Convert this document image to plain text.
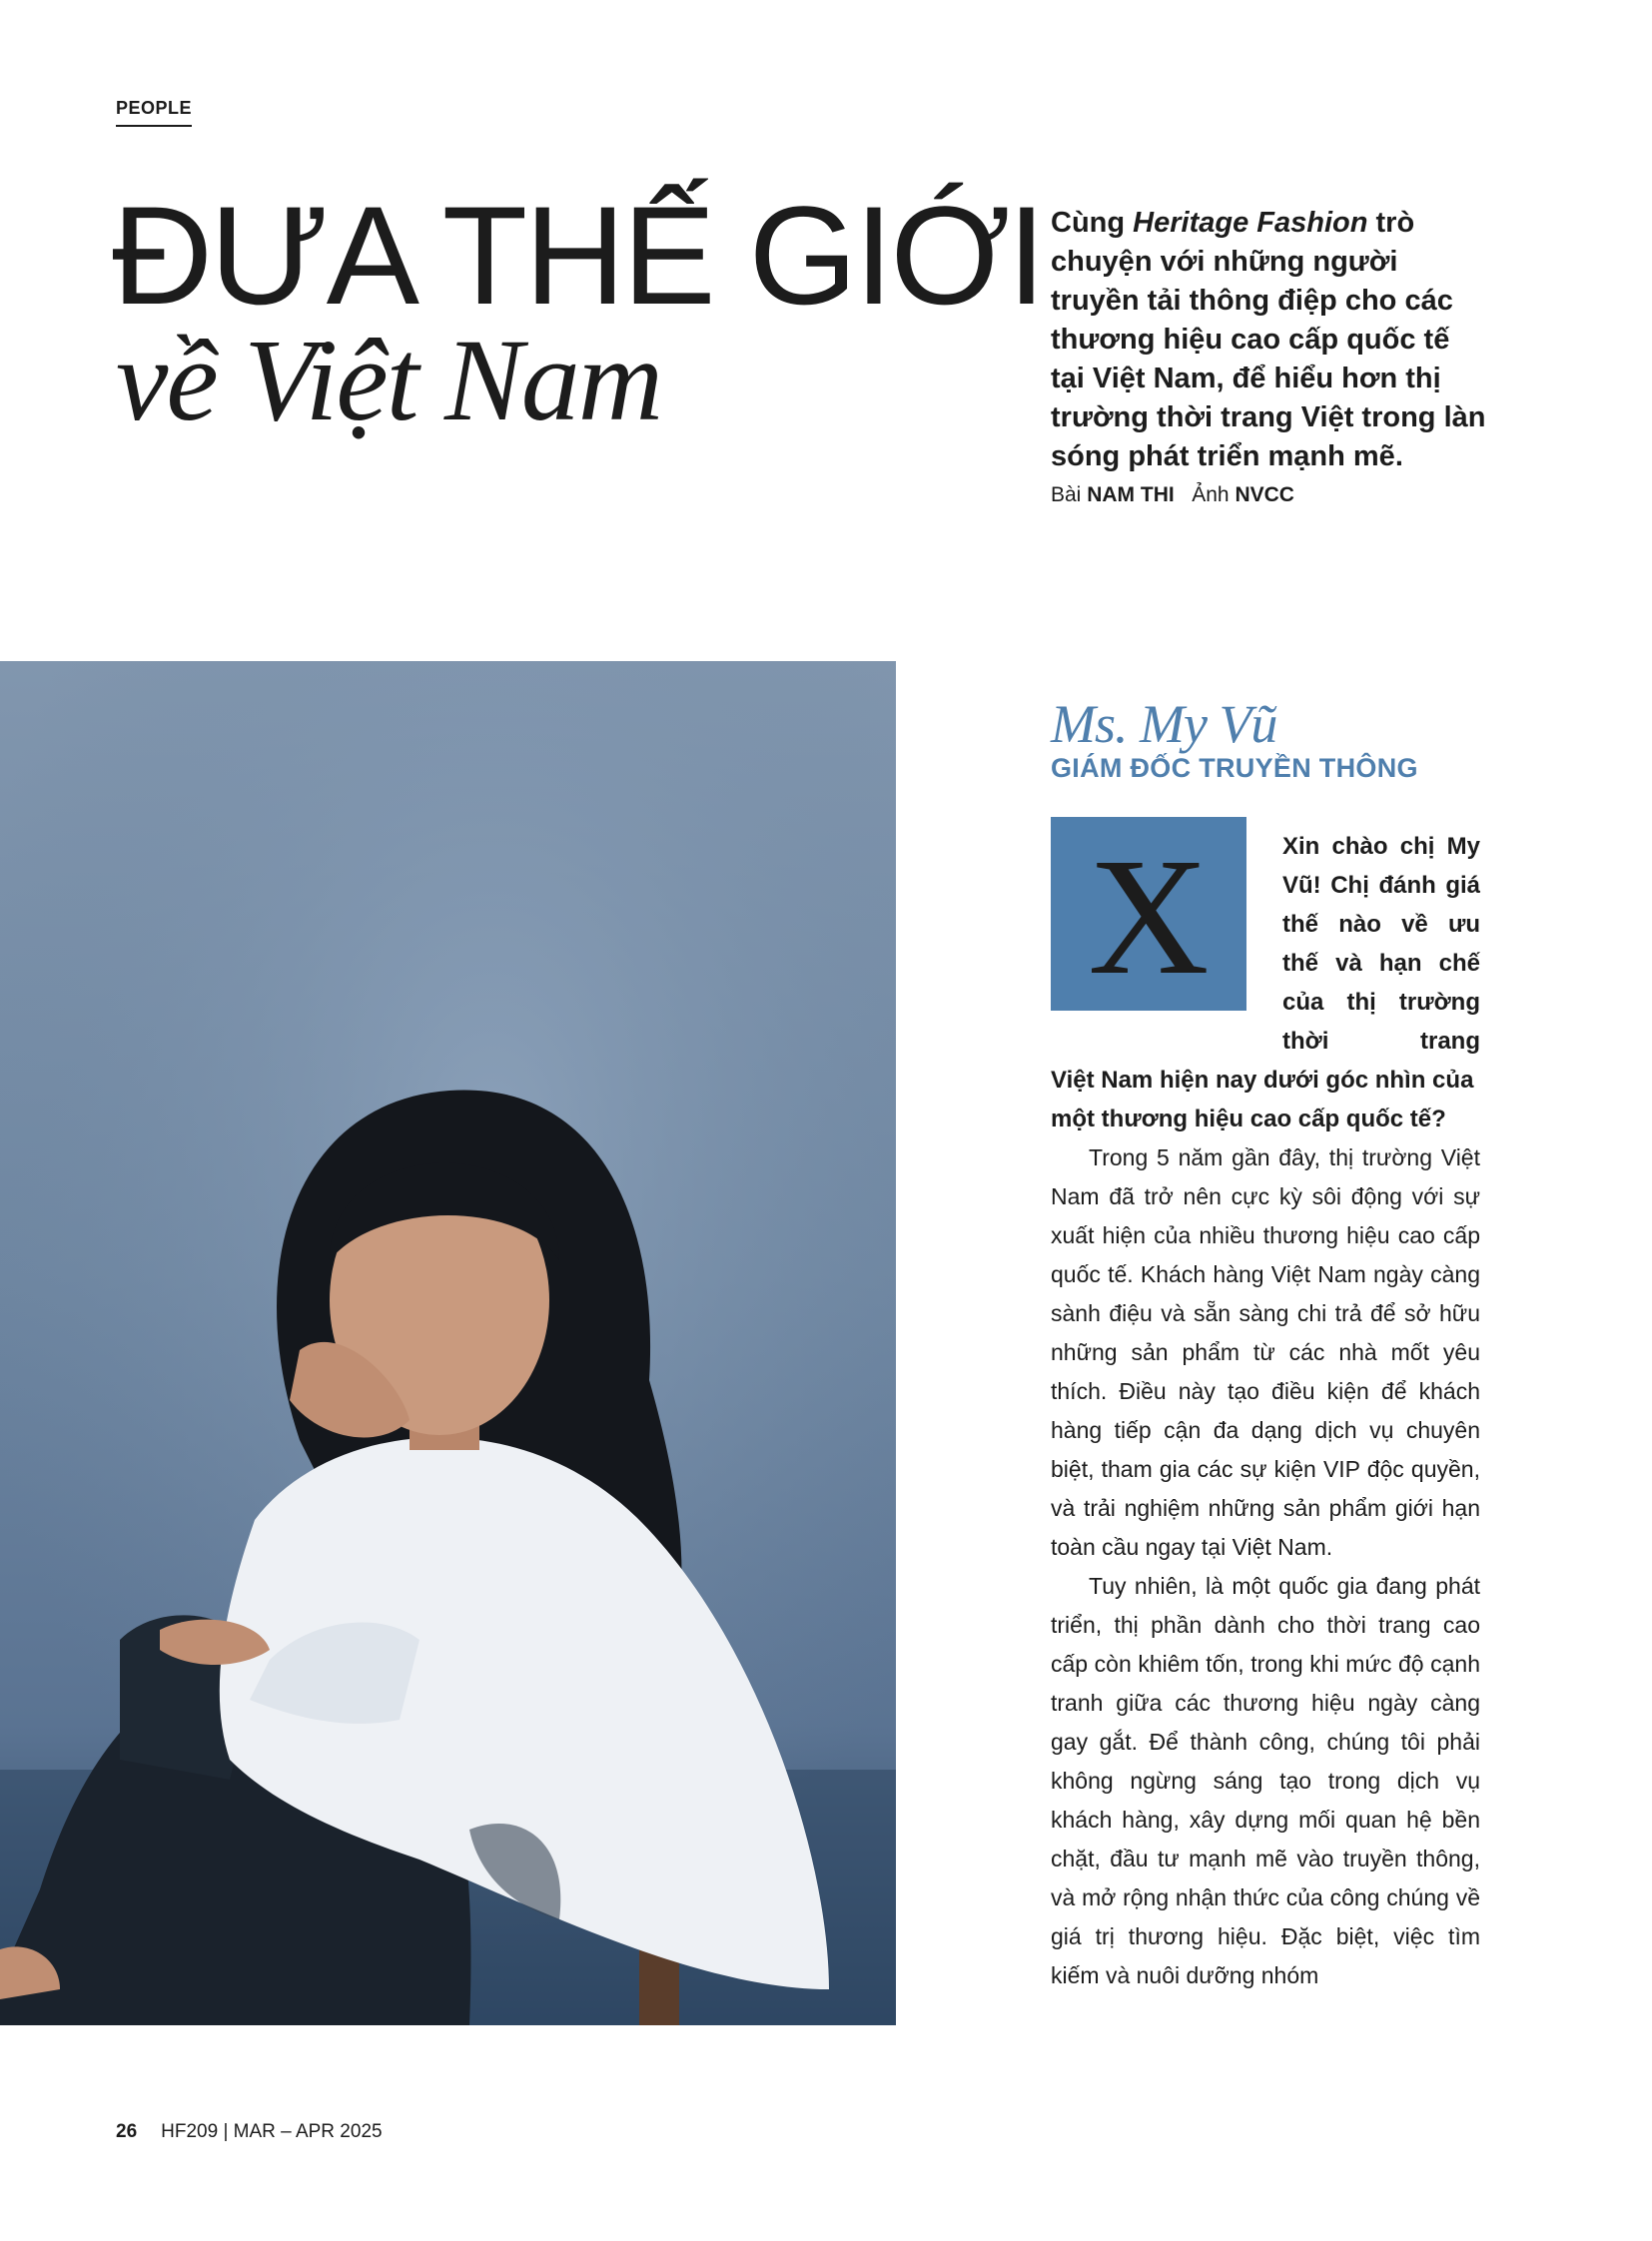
PEOPLE
ĐƯA THẾ GIỚI
về Việt Nam
Cùng Heritage Fashion trò chuyện với những người truyền tải thông điệp cho các thương hiệu cao cấp quốc tế tại Việt Nam, để hiểu hơn thị trường thời trang Việt trong làn sóng phát triển mạnh mẽ.
Bài NAM THI Ảnh NVCC
Ms. My Vũ
GIÁM ĐỐC TRUYỀN THÔNG
X	Xin chào chị My
Vũ! Chị đánh giá
thế nào về ưu
thế và hạn chế
của thị trường
thời trang
Việt Nam hiện nay dưới góc nhìn của một thương hiệu cao cấp quốc tế?

Trong 5 năm gần đây, thị trường Việt Nam đã trở nên cực kỳ sôi động với sự xuất hiện của nhiều thương hiệu cao cấp quốc tế. Khách hàng Việt Nam ngày càng sành điệu và sẵn sàng chi trả để sở hữu những sản phẩm từ các nhà mốt yêu thích. Điều này tạo điều kiện để khách hàng tiếp cận đa dạng dịch vụ chuyên biệt, tham gia các sự kiện VIP độc quyền, và trải nghiệm những sản phẩm giới hạn toàn cầu ngay tại Việt Nam.

Tuy nhiên, là một quốc gia đang phát triển, thị phần dành cho thời trang cao cấp còn khiêm tốn, trong khi mức độ cạnh tranh giữa các thương hiệu ngày càng gay gắt. Để thành công, chúng tôi phải không ngừng sáng tạo trong dịch vụ khách hàng, xây dựng mối quan hệ bền chặt, đầu tư mạnh mẽ vào truyền thông, và mở rộng nhận thức của công chúng về giá trị thương hiệu. Đặc biệt, việc tìm kiếm và nuôi dưỡng nhóm

26 HF209 | MAR – APR 2025
